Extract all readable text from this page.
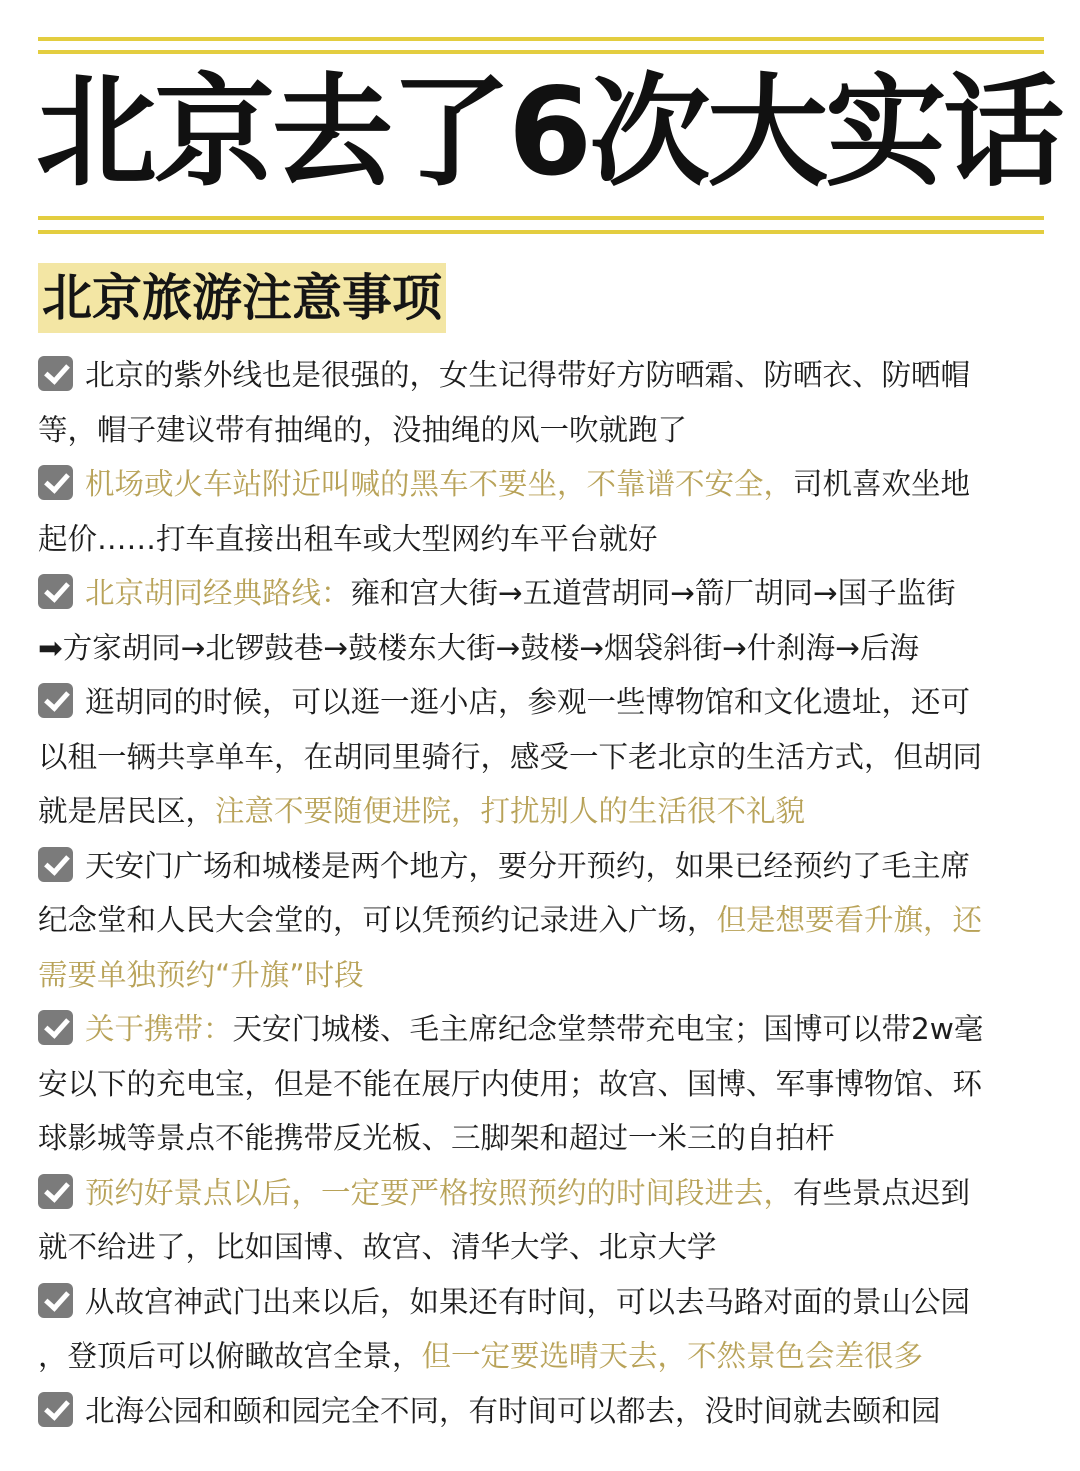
北京去了6次大实话
北京旅游注意事项
北京的紫外线也是很强的，女生记得带好方防晒霜、防晒衣、防晒帽
等，帽子建议带有抽绳的，没抽绳的风一吹就跑了
机场或火车站附近叫喊的黑车不要坐，不靠谱不安全，司机喜欢坐地
起价……打车直接出租车或大型网约车平台就好
北京胡同经典路线：雍和宫大街→五道营胡同→箭厂胡同→国子监街
➡方家胡同→北锣鼓巷→鼓楼东大街→鼓楼→烟袋斜街→什刹海→后海
逛胡同的时候，可以逛一逛小店，参观一些博物馆和文化遗址，还可
以租一辆共享单车，在胡同里骑行，感受一下老北京的生活方式，但胡同
就是居民区，注意不要随便进院，打扰别人的生活很不礼貌
天安门广场和城楼是两个地方，要分开预约，如果已经预约了毛主席
纪念堂和人民大会堂的，可以凭预约记录进入广场，但是想要看升旗，还
需要单独预约“升旗”时段
关于携带：天安门城楼、毛主席纪念堂禁带充电宝；国博可以带2w毫
安以下的充电宝，但是不能在展厅内使用；故宫、国博、军事博物馆、环
球影城等景点不能携带反光板、三脚架和超过一米三的自拍杆
预约好景点以后，一定要严格按照预约的时间段进去，有些景点迟到
就不给进了，比如国博、故宫、清华大学、北京大学
从故宫神武门出来以后，如果还有时间，可以去马路对面的景山公园
，登顶后可以俯瞰故宫全景，但一定要选晴天去，不然景色会差很多
北海公园和颐和园完全不同，有时间可以都去，没时间就去颐和园
